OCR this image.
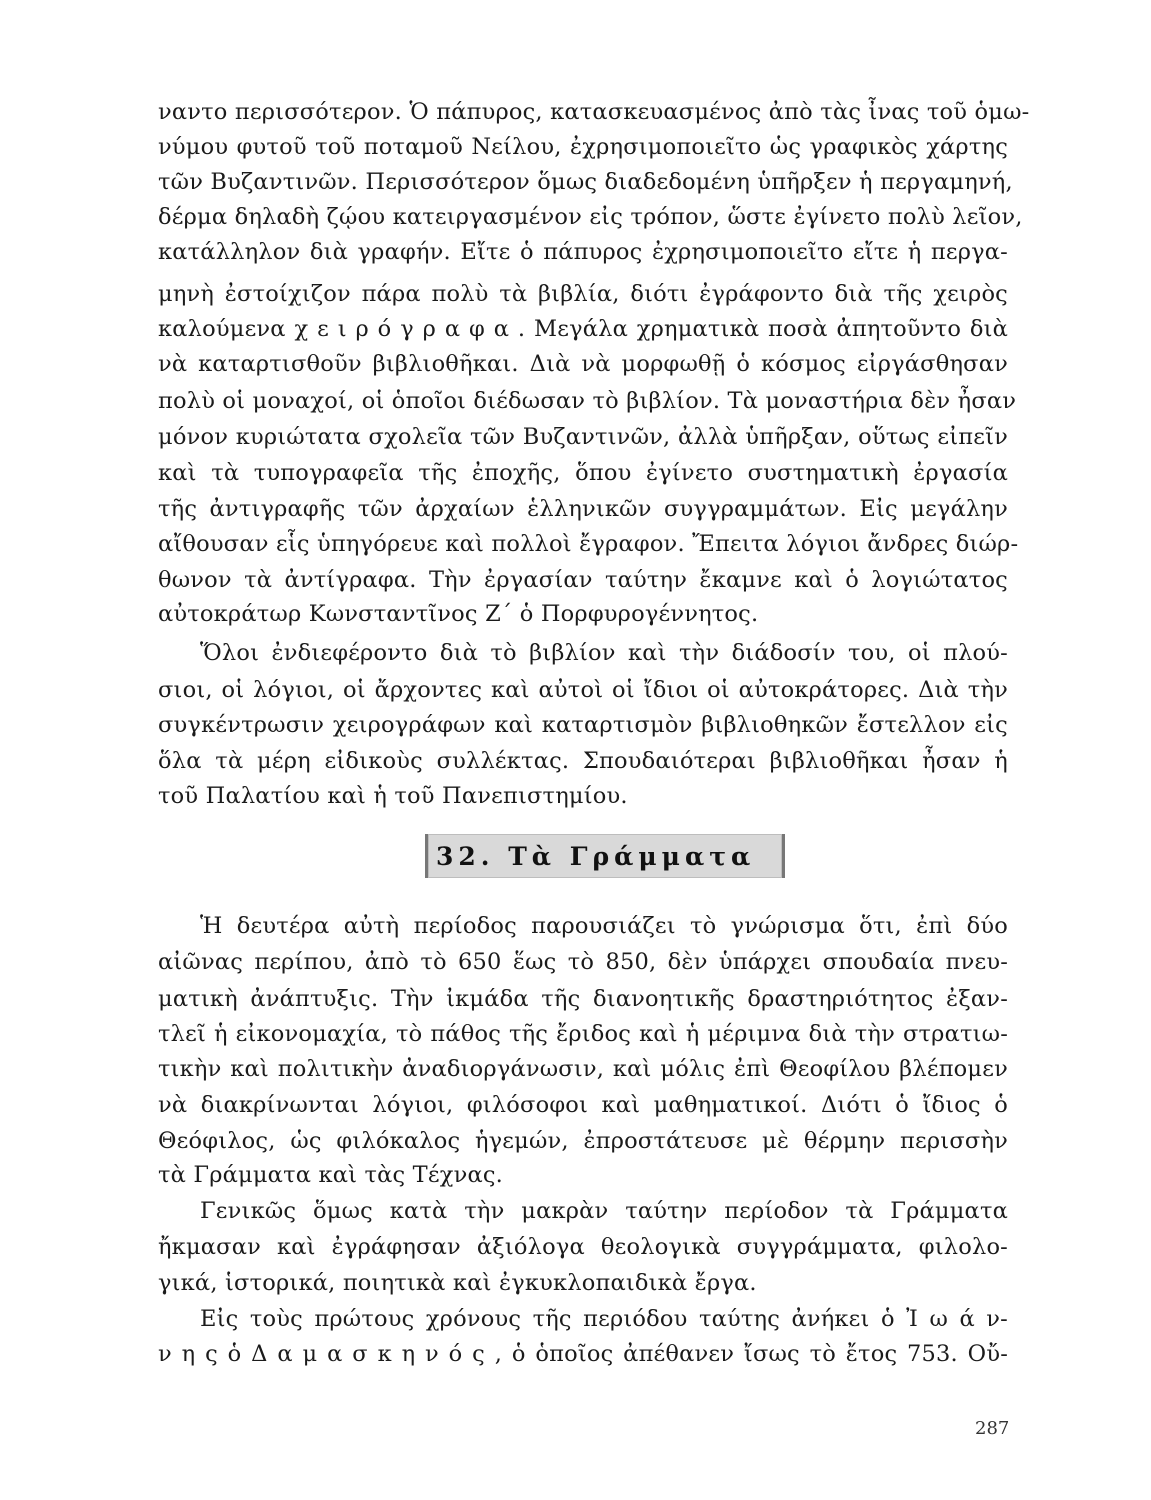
ναντο περισσότερον. Ὁ πάπυρος, κατασκευασμένος ἀπὸ τὰς ἶνας τοῦ ὁμω-
νύμου φυτοῦ τοῦ ποταμοῦ Νείλου, ἐχρησιμοποιεῖτο ὡς γραφικὸς χάρτης
τῶν Βυζαντινῶν. Περισσότερον ὅμως διαδεδομένη ὑπῆρξεν ἡ περγαμηνή,
δέρμα δηλαδὴ ζῴου κατειργασμένον εἰς τρόπον, ὥστε ἐγίνετο πολὺ λεῖον,
κατάλληλον διὰ γραφήν. Εἴτε ὁ πάπυρος ἐχρησιμοποιεῖτο εἴτε ἡ περγα-
μηνὴ ἐστοίχιζον πάρα πολὺ τὰ βιβλία, διότι ἐγράφοντο διὰ τῆς χειρὸς
καλούμενα χ ε ι ρ ό γ ρ α φ α . Μεγάλα χρηματικὰ ποσὰ ἀπητοῦντο διὰ
νὰ καταρτισθοῦν βιβλιοθῆκαι. Διὰ νὰ μορφωθῇ ὁ κόσμος εἰργάσθησαν
πολὺ οἱ μοναχοί, οἱ ὁποῖοι διέδωσαν τὸ βιβλίον. Τὰ μοναστήρια δὲν ἦσαν
μόνον κυριώτατα σχολεῖα τῶν Βυζαντινῶν, ἀλλὰ ὑπῆρξαν, οὕτως εἰπεῖν
καὶ τὰ τυπογραφεῖα τῆς ἐποχῆς, ὅπου ἐγίνετο συστηματικὴ ἐργασία
τῆς ἀντιγραφῆς τῶν ἀρχαίων ἑλληνικῶν συγγραμμάτων. Εἰς μεγάλην
αἴθουσαν εἷς ὑπηγόρευε καὶ πολλοὶ ἔγραφον. Ἔπειτα λόγιοι ἄνδρες διώρ-
θωνον τὰ ἀντίγραφα. Τὴν ἐργασίαν ταύτην ἔκαμνε καὶ ὁ λογιώτατος
αὐτοκράτωρ Κωνσταντῖνος Ζ΄ ὁ Πορφυρογέννητος.
Ὅλοι ἐνδιεφέροντο διὰ τὸ βιβλίον καὶ τὴν διάδοσίν του, οἱ πλού-
σιοι, οἱ λόγιοι, οἱ ἄρχοντες καὶ αὐτοὶ οἱ ἴδιοι οἱ αὐτοκράτορες. Διὰ τὴν
συγκέντρωσιν χειρογράφων καὶ καταρτισμὸν βιβλιοθηκῶν ἔστελλον εἰς
ὅλα τὰ μέρη εἰδικοὺς συλλέκτας. Σπουδαιότεραι βιβλιοθῆκαι ἦσαν ἡ
τοῦ Παλατίου καὶ ἡ τοῦ Πανεπιστημίου.
32. Τὰ Γράμματα
Ἡ δευτέρα αὐτὴ περίοδος παρουσιάζει τὸ γνώρισμα ὅτι, ἐπὶ δύο
αἰῶνας περίπου, ἀπὸ τὸ 650 ἕως τὸ 850, δὲν ὑπάρχει σπουδαία πνευ-
ματικὴ ἀνάπτυξις. Τὴν ἰκμάδα τῆς διανοητικῆς δραστηριότητος ἐξαν-
τλεῖ ἡ εἰκονομαχία, τὸ πάθος τῆς ἔριδος καὶ ἡ μέριμνα διὰ τὴν στρατιω-
τικὴν καὶ πολιτικὴν ἀναδιοργάνωσιν, καὶ μόλις ἐπὶ Θεοφίλου βλέπομεν
νὰ διακρίνωνται λόγιοι, φιλόσοφοι καὶ μαθηματικοί. Διότι ὁ ἴδιος ὁ
Θεόφιλος, ὡς φιλόκαλος ἡγεμών, ἐπροστάτευσε μὲ θέρμην περισσὴν
τὰ Γράμματα καὶ τὰς Τέχνας.
Γενικῶς ὅμως κατὰ τὴν μακρὰν ταύτην περίοδον τὰ Γράμματα
ἤκμασαν καὶ ἐγράφησαν ἀξιόλογα θεολογικὰ συγγράμματα, φιλολο-
γικά, ἱστορικά, ποιητικὰ καὶ ἐγκυκλοπαιδικὰ ἔργα.
Εἰς τοὺς πρώτους χρόνους τῆς περιόδου ταύτης ἀνήκει ὁ Ἰ ω ά ν-
ν η ς ὁ Δ α μ α σ κ η ν ό ς , ὁ ὁποῖος ἀπέθανεν ἴσως τὸ ἔτος 753. Οὔ-
287
